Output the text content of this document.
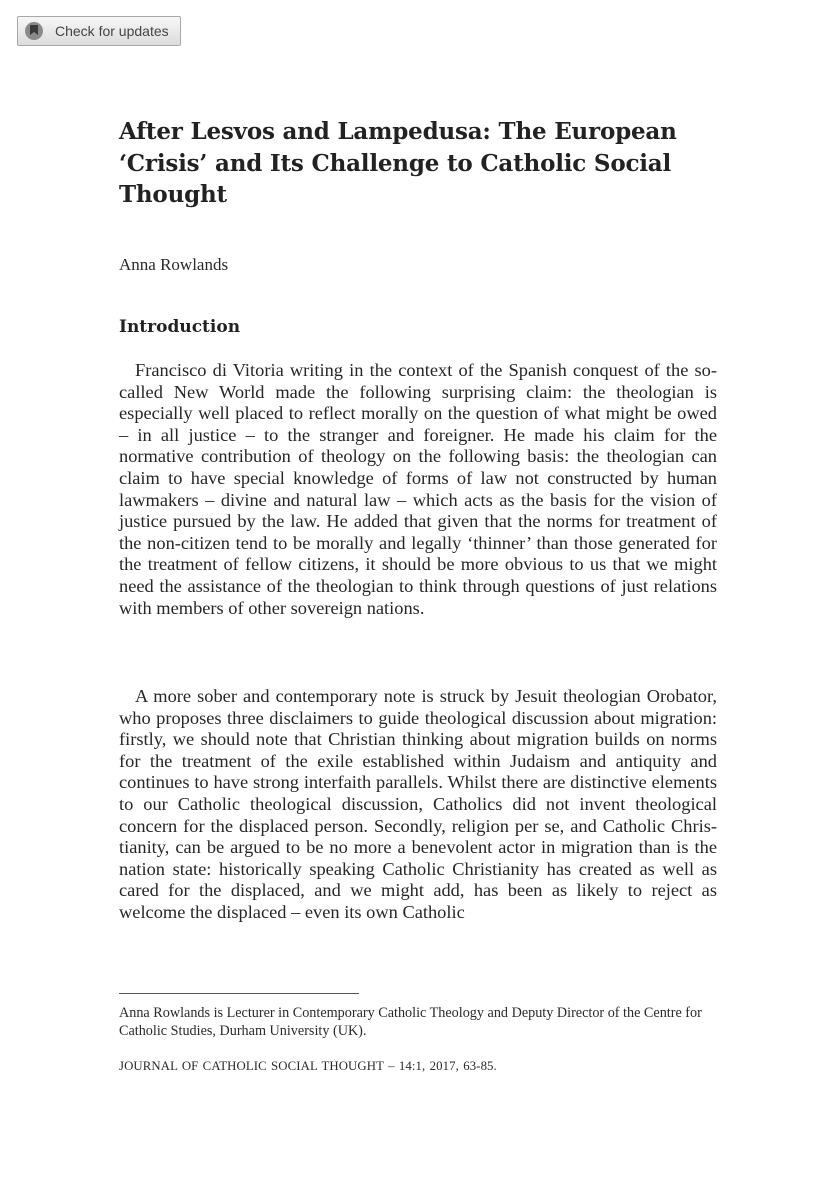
Check for updates
After Lesvos and Lampedusa: The European ‘Crisis’ and Its Challenge to Catholic Social Thought

Anna Rowlands

Introduction

Francisco di Vitoria writing in the context of the Spanish conquest of the so-called New World made the following surprising claim: the theologian is especially well placed to reflect morally on the question of what might be owed – in all justice – to the stranger and foreigner. He made his claim for the normative contribution of theology on the following basis: the theologian can claim to have special knowledge of forms of law not constructed by human lawmakers – divine and natural law – which acts as the basis for the vision of justice pursued by the law. He added that given that the norms for treatment of the non-citizen tend to be morally and legally ‘thinner’ than those generated for the treatment of fellow citizens, it should be more obvious to us that we might need the assistance of the theologian to think through questions of just relations with members of other sovereign nations.

A more sober and contemporary note is struck by Jesuit theologian Orobator, who proposes three disclaimers to guide theological discussion about migration: firstly, we should note that Christian thinking about migration builds on norms for the treatment of the exile established within Judaism and antiquity and continues to have strong interfaith parallels. Whilst there are distinctive elements to our Catholic theological discussion, Catholics did not invent theological concern for the displaced person. Secondly, religion per se, and Catholic Christianity, can be argued to be no more a benevolent actor in migration than is the nation state: historically speaking Catholic Christianity has created as well as cared for the displaced, and we might add, has been as likely to reject as welcome the displaced – even its own Catholic

Anna Rowlands is Lecturer in Contemporary Catholic Theology and Deputy Director of the Centre for Catholic Studies, Durham University (UK).

JOURNAL OF CATHOLIC SOCIAL THOUGHT – 14:1, 2017, 63-85.
